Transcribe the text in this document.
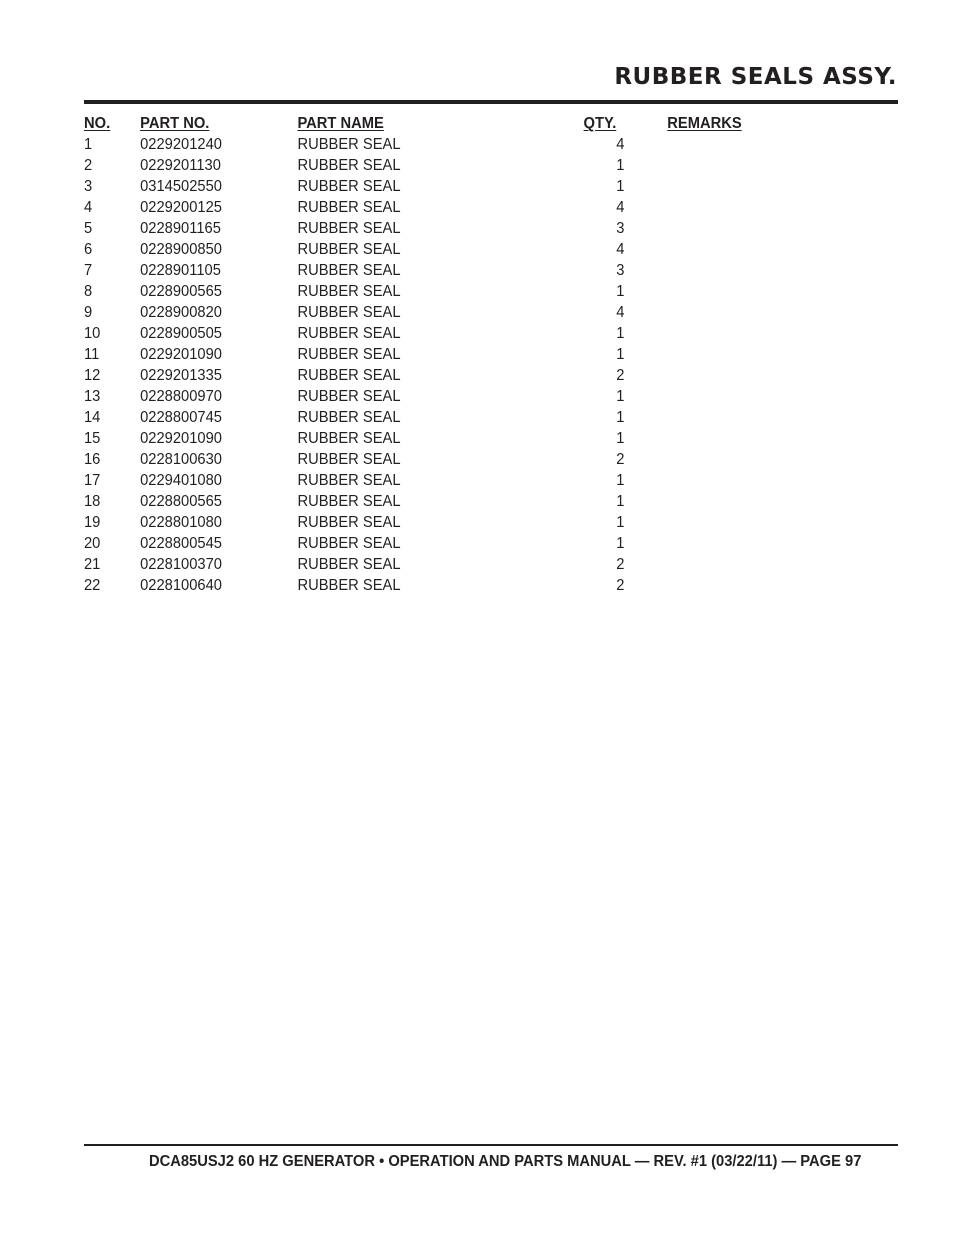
RUBBER SEALS ASSY.
NO.	PART NO.	PART NAME	QTY.	REMARKS
1	0229201240	RUBBER SEAL	4
2	0229201130	RUBBER SEAL	1
3	0314502550	RUBBER SEAL	1
4	0229200125	RUBBER SEAL	4
5	0228901165	RUBBER SEAL	3
6	0228900850	RUBBER SEAL	4
7	0228901105	RUBBER SEAL	3
8	0228900565	RUBBER SEAL	1
9	0228900820	RUBBER SEAL	4
10	0228900505	RUBBER SEAL	1
11	0229201090	RUBBER SEAL	1
12	0229201335	RUBBER SEAL	2
13	0228800970	RUBBER SEAL	1
14	0228800745	RUBBER SEAL	1
15	0229201090	RUBBER SEAL	1
16	0228100630	RUBBER SEAL	2
17	0229401080	RUBBER SEAL	1
18	0228800565	RUBBER SEAL	1
19	0228801080	RUBBER SEAL	1
20	0228800545	RUBBER SEAL	1
21	0228100370	RUBBER SEAL	2
22	0228100640	RUBBER SEAL	2
DCA85USJ2 60 HZ GENERATOR • OPERATION AND PARTS MANUAL — REV. #1 (03/22/11) — PAGE 97
